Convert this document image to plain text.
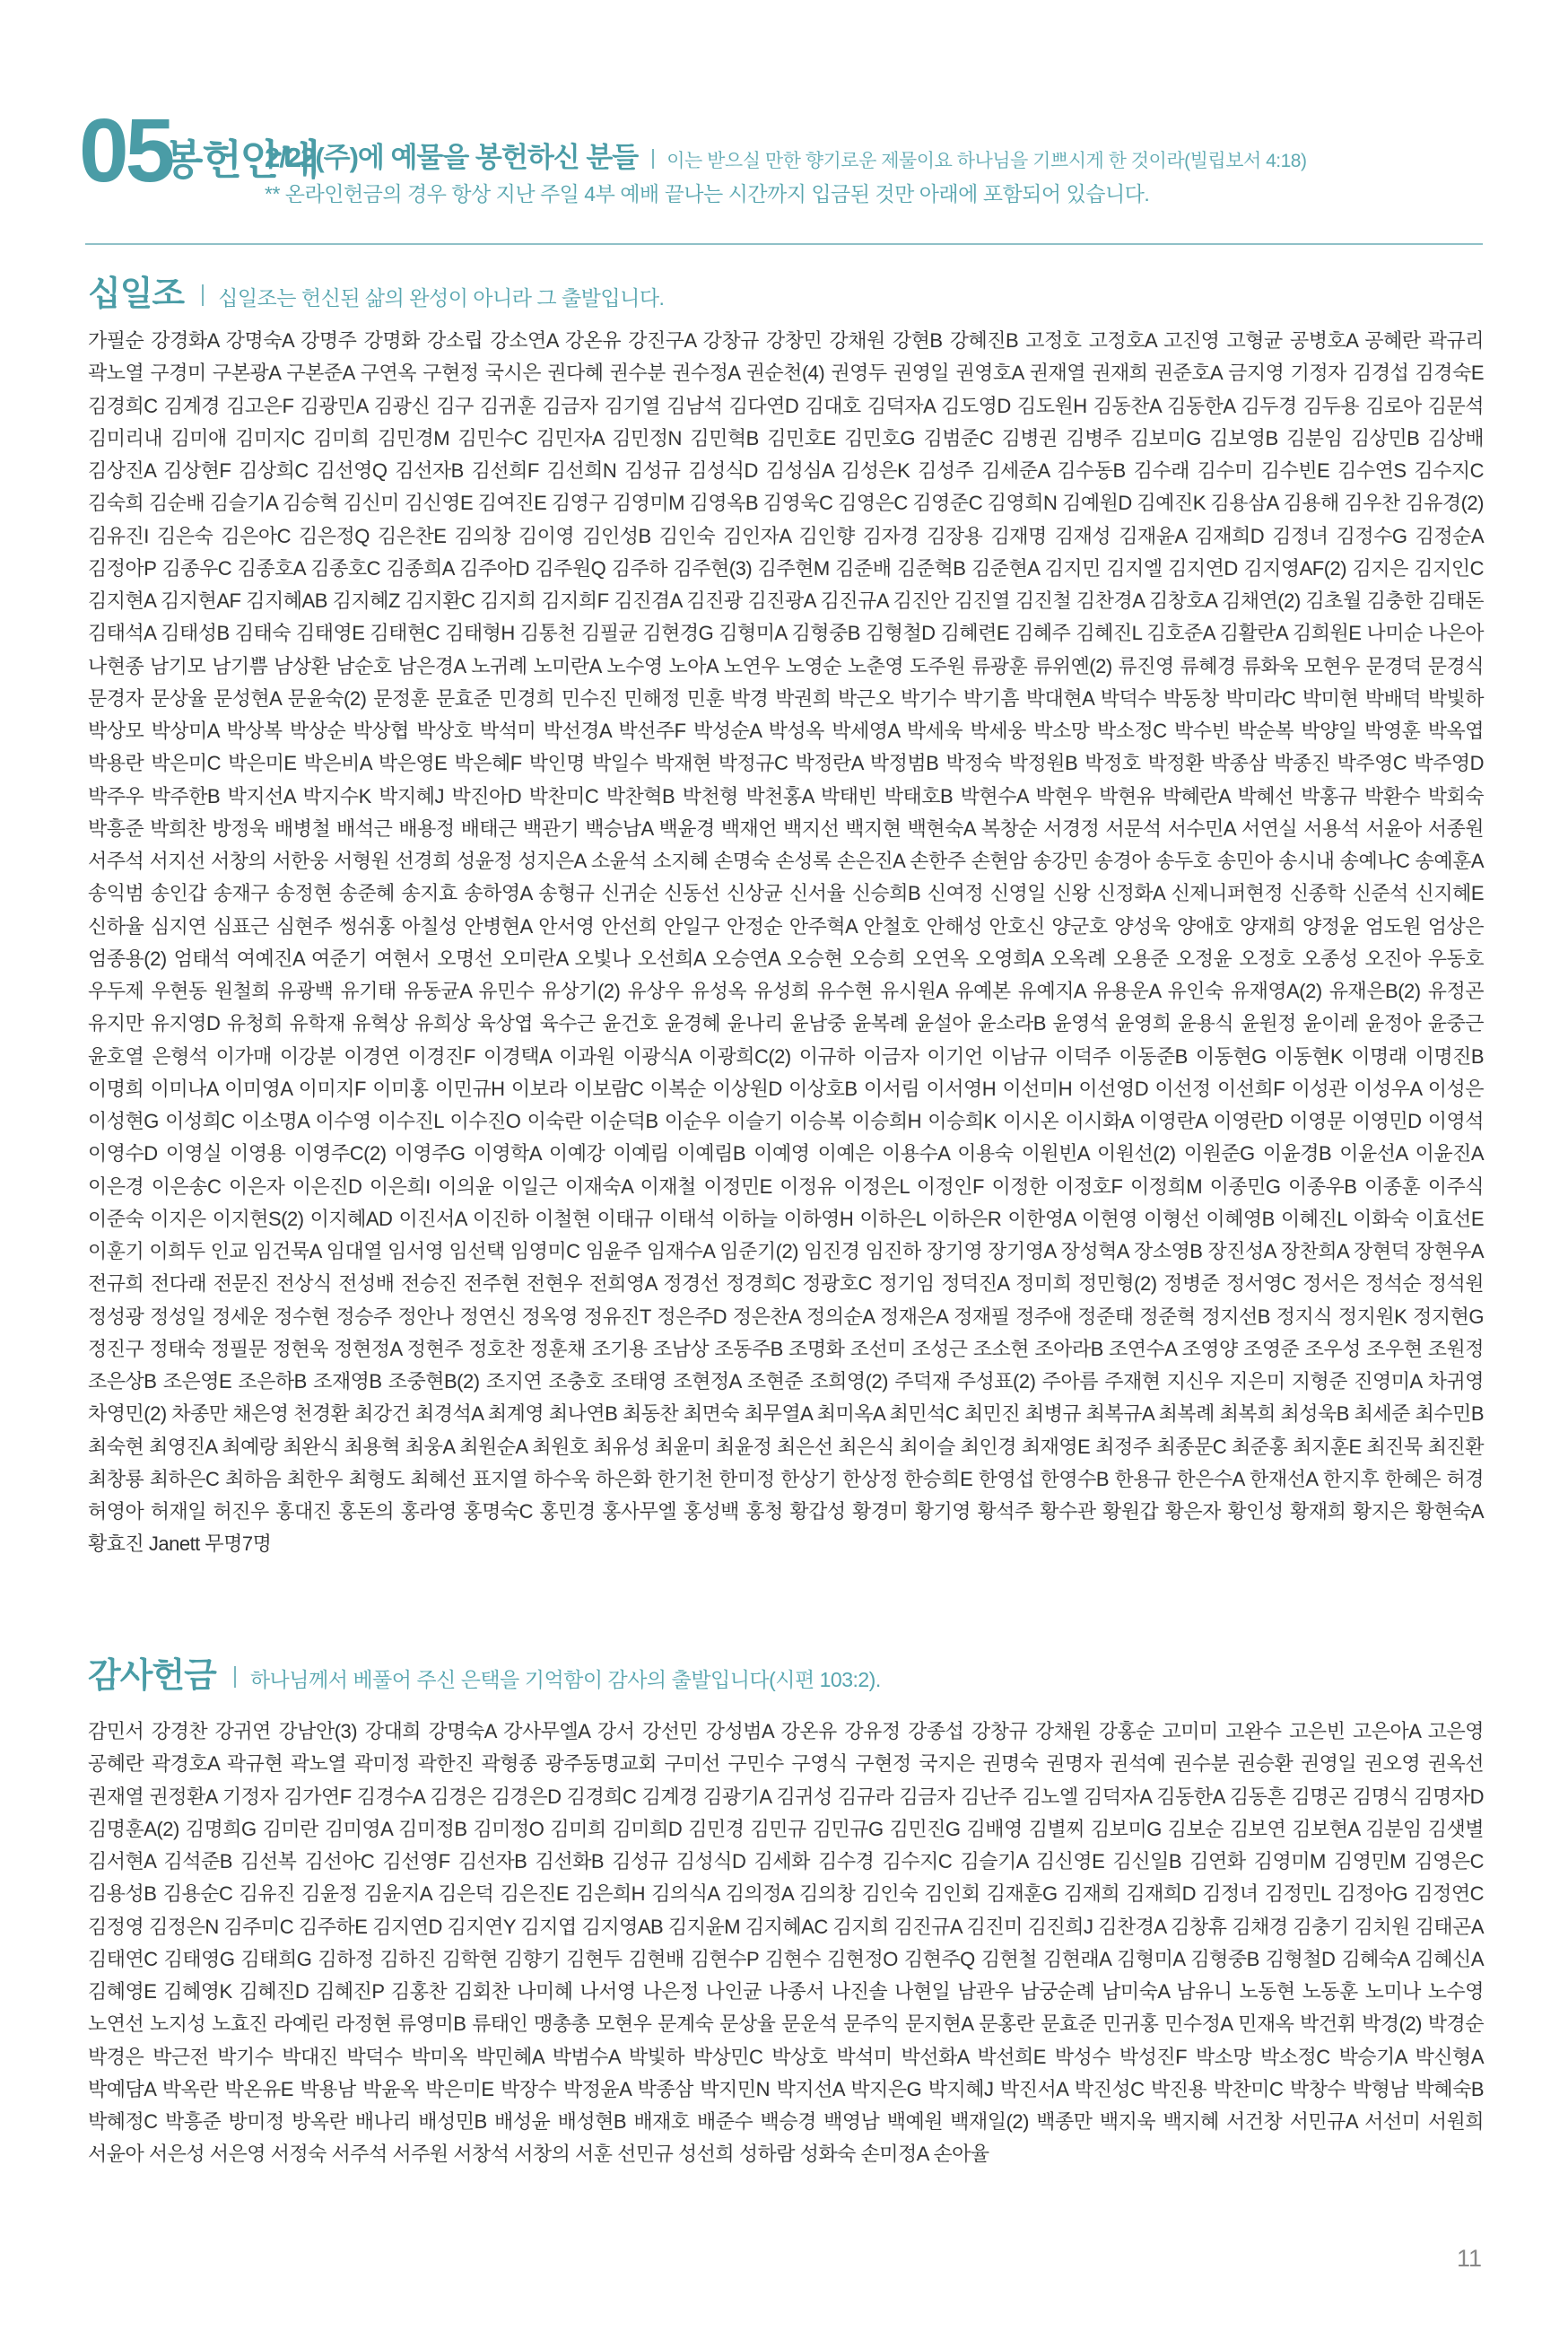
05
봉헌안내
2/22(주)에 예물을 봉헌하신 분들 이는 받으실 만한 향기로운 제물이요 하나님을 기쁘시게 한 것이라(빌립보서 4:18)
** 온라인헌금의 경우 항상 지난 주일 4부 예배 끝나는 시간까지 입금된 것만 아래에 포함되어 있습니다.
십일조 십일조는 헌신된 삶의 완성이 아니라 그 출발입니다.
가필순 강경화A 강명숙A 강명주 강명화 강소립 강소연A 강온유 강진구A 강창규 강창민 강채원 강현B 강혜진B 고정호 고정호A 고진영 고형균 공병호A 공혜란 곽규리 곽노열 구경미 구본광A 구본준A 구연옥 구현정 국시은 권다혜 권수분 권수정A 권순천(4) 권영두 권영일 권영호A 권재열 권재희 권준호A 금지영 기정자 김경섭 김경숙E 김경희C 김계경 김고은F 김광민A 김광신 김구 김귀훈 김금자 김기열 김남석 김다연D 김대호 김덕자A 김도영D 김도원H 김동찬A 김동한A 김두경 김두용 김로아 김문석 김미리내 김미애 김미지C 김미희 김민경M 김민수C 김민자A 김민정N 김민혁B 김민호E 김민호G 김범준C 김병권 김병주 김보미G 김보영B 김분임 김상민B 김상배 김상진A 김상현F 김상희C 김선영Q 김선자B 김선희F 김선희N 김성규 김성식D 김성심A 김성은K 김성주 김세준A 김수동B 김수래 김수미 김수빈E 김수연S 김수지C 김숙희 김순배 김슬기A 김승혁 김신미 김신영E 김여진E 김영구 김영미M 김영옥B 김영욱C 김영은C 김영준C 김영희N 김예원D 김예진K 김용삼A 김용해 김우찬 김유경(2) 김유진I 김은숙 김은아C 김은정Q 김은찬E 김의창 김이영 김인성B 김인숙 김인자A 김인향 김자경 김장용 김재명 김재성 김재윤A 김재희D 김정녀 김정수G 김정순A 김정아P 김종우C 김종호A 김종호C 김종희A 김주아D 김주원Q 김주하 김주현(3) 김주현M 김준배 김준혁B 김준현A 김지민 김지엘 김지연D 김지영AF(2) 김지은 김지인C 김지현A 김지현AF 김지혜AB 김지혜Z 김지환C 김지희 김지희F 김진겸A 김진광 김진광A 김진규A 김진안 김진열 김진철 김찬경A 김창호A 김채연(2) 김초월 김충한 김태돈 김태석A 김태성B 김태숙 김태영E 김태현C 김태형H 김통천 김필균 김현경G 김형미A 김형중B 김형철D 김혜련E 김혜주 김혜진L 김호준A 김활란A 김희원E 나미순 나은아 나현종 남기모 남기쁨 남상환 남순호 남은경A 노귀례 노미란A 노수영 노아A 노연우 노영순 노춘영 도주원 류광훈 류위옌(2) 류진영 류혜경 류화욱 모현우 문경덕 문경식 문경자 문상율 문성현A 문윤숙(2) 문정훈 문효준 민경희 민수진 민해정 민훈 박경 박권희 박근오 박기수 박기흠 박대현A 박덕수 박동창 박미라C 박미현 박배덕 박빛하 박상모 박상미A 박상복 박상순 박상협 박상호 박석미 박선경A 박선주F 박성순A 박성옥 박세영A 박세욱 박세웅 박소망 박소정C 박수빈 박순복 박양일 박영훈 박옥엽 박용란 박은미C 박은미E 박은비A 박은영E 박은혜F 박인명 박일수 박재현 박정규C 박정란A 박정범B 박정숙 박정원B 박정호 박정환 박종삼 박종진 박주영C 박주영D 박주우 박주한B 박지선A 박지수K 박지혜J 박진아D 박찬미C 박찬혁B 박천형 박천홍A 박태빈 박태호B 박현수A 박현우 박현유 박혜란A 박혜선 박홍규 박환수 박회숙 박흥준 박희찬 방정욱 배병철 배석근 배용정 배태근 백관기 백승남A 백윤경 백재언 백지선 백지현 백현숙A 복창순 서경정 서문석 서수민A 서연실 서용석 서윤아 서종원 서주석 서지선 서창의 서한웅 서형원 선경희 성윤정 성지은A 소윤석 소지혜 손명숙 손성록 손은진A 손한주 손현암 송강민 송경아 송두호 송민아 송시내 송예나C 송예훈A 송익범 송인갑 송재구 송정현 송준혜 송지효 송하영A 송형규 신귀순 신동선 신상균 신서율 신승희B 신여정 신영일 신왕 신정화A 신제니퍼현정 신종학 신준석 신지혜E 신하율 심지연 심표근 심현주 썽쉬홍 아칠성 안병현A 안서영 안선희 안일구 안정순 안주혁A 안철호 안해성 안호신 양군호 양성욱 양애호 양재희 양정윤 엄도원 엄상은 엄종용(2) 엄태석 여예진A 여준기 여현서 오명선 오미란A 오빛나 오선희A 오승연A 오승현 오승희 오연옥 오영희A 오옥례 오용준 오정윤 오정호 오종성 오진아 우동호 우두제 우현동 원철희 유광백 유기태 유동균A 유민수 유상기(2) 유상우 유성옥 유성희 유수현 유시원A 유예본 유예지A 유용운A 유인숙 유재영A(2) 유재은B(2) 유정곤 유지만 유지영D 유청희 유학재 유혁상 유희상 육상엽 육수근 윤건호 윤경혜 윤나리 윤남중 윤복례 윤설아 윤소라B 윤영석 윤영희 윤용식 윤원정 윤이레 윤정아 윤중근 윤호열 은형석 이가매 이강분 이경연 이경진F 이경택A 이과원 이광식A 이광희C(2) 이규하 이금자 이기언 이남규 이덕주 이동준B 이동현G 이동현K 이명래 이명진B 이명희 이미나A 이미영A 이미지F 이미홍 이민규H 이보라 이보람C 이복순 이상원D 이상호B 이서림 이서영H 이선미H 이선영D 이선정 이선희F 이성관 이성우A 이성은 이성현G 이성희C 이소명A 이수영 이수진L 이수진O 이숙란 이순덕B 이순우 이슬기 이승복 이승희H 이승희K 이시온 이시화A 이영란A 이영란D 이영문 이영민D 이영석 이영수D 이영실 이영용 이영주C(2) 이영주G 이영학A 이예강 이예림 이예림B 이예영 이예은 이용수A 이용숙 이원빈A 이원선(2) 이원준G 이윤경B 이윤선A 이윤진A 이은경 이은송C 이은자 이은진D 이은희I 이의윤 이일근 이재숙A 이재철 이정민E 이정유 이정은L 이정인F 이정한 이정호F 이정희M 이종민G 이종우B 이종훈 이주식 이준숙 이지은 이지현S(2) 이지혜AD 이진서A 이진하 이철현 이태규 이태석 이하늘 이하영H 이하은L 이하은R 이한영A 이현영 이형선 이혜영B 이혜진L 이화숙 이효선E 이훈기 이희두 인교 임건묵A 임대열 임서영 임선택 임영미C 임윤주 임재수A 임준기(2) 임진경 임진하 장기영 장기영A 장성혁A 장소영B 장진성A 장찬희A 장현덕 장현우A 전규희 전다래 전문진 전상식 전성배 전승진 전주현 전현우 전희영A 정경선 정경희C 정광호C 정기임 정덕진A 정미희 정민형(2) 정병준 정서영C 정서은 정석순 정석원 정성광 정성일 정세운 정수현 정승주 정안나 정연신 정옥영 정유진T 정은주D 정은찬A 정의순A 정재은A 정재필 정주애 정준태 정준혁 정지선B 정지식 정지원K 정지현G 정진구 정태숙 정필문 정현욱 정현정A 정현주 정호찬 정훈채 조기용 조남상 조동주B 조명화 조선미 조성근 조소현 조아라B 조연수A 조영양 조영준 조우성 조우현 조원정 조은상B 조은영E 조은하B 조재영B 조중현B(2) 조지연 조충호 조태영 조현정A 조현준 조희영(2) 주덕재 주성표(2) 주아름 주재현 지신우 지은미 지형준 진영미A 차귀영 차영민(2) 차종만 채은영 천경환 최강건 최경석A 최계영 최나연B 최동찬 최면숙 최무열A 최미옥A 최민석C 최민진 최병규 최복규A 최복례 최복희 최성욱B 최세준 최수민B 최숙현 최영진A 최예랑 최완식 최용혁 최웅A 최원순A 최원호 최유성 최윤미 최윤정 최은선 최은식 최이슬 최인경 최재영E 최정주 최종문C 최준홍 최지훈E 최진묵 최진환 최창룡 최하은C 최하음 최한우 최형도 최혜선 표지열 하수욱 하은화 한기천 한미정 한상기 한상정 한승희E 한영섭 한영수B 한용규 한은수A 한재선A 한지후 한혜은 허경 허영아 허재일 허진우 홍대진 홍돈의 홍라영 홍명숙C 홍민경 홍사무엘 홍성백 홍청 황갑성 황경미 황기영 황석주 황수관 황원갑 황은자 황인성 황재희 황지은 황현숙A 황효진 Janett 무명7명
감사헌금 하나님께서 베풀어 주신 은택을 기억함이 감사의 출발입니다(시편 103:2).
감민서 강경찬 강귀연 강남안(3) 강대희 강명숙A 강사무엘A 강서 강선민 강성범A 강온유 강유정 강종섭 강창규 강채원 강홍순 고미미 고완수 고은빈 고은아A 고은영 공혜란 곽경호A 곽규현 곽노열 곽미정 곽한진 곽형종 광주동명교회 구미선 구민수 구영식 구현정 국지은 권명숙 권명자 권석예 권수분 권승환 권영일 권오영 권옥선 권재열 권정환A 기정자 김가연F 김경수A 김경은 김경은D 김경희C 김계경 김광기A 김귀성 김규라 김금자 김난주 김노엘 김덕자A 김동한A 김동흔 김명곤 김명식 김명자D 김명훈A(2) 김명희G 김미란 김미영A 김미정B 김미정O 김미희 김미희D 김민경 김민규 김민규G 김민진G 김배영 김별찌 김보미G 김보순 김보연 김보현A 김분임 김샛별 김서현A 김석준B 김선복 김선아C 김선영F 김선자B 김선화B 김성규 김성식D 김세화 김수경 김수지C 김슬기A 김신영E 김신일B 김연화 김영미M 김영민M 김영은C 김용성B 김용순C 김유진 김윤정 김윤지A 김은덕 김은진E 김은희H 김의식A 김의정A 김의창 김인숙 김인회 김재훈G 김재희 김재희D 김정녀 김정민L 김정아G 김정연C 김정영 김정은N 김주미C 김주하E 김지연D 김지연Y 김지엽 김지영AB 김지윤M 김지혜AC 김지희 김진규A 김진미 김진희J 김찬경A 김창휴 김채경 김충기 김치원 김태곤A 김태연C 김태영G 김태희G 김하정 김하진 김학현 김향기 김현두 김현배 김현수P 김현수 김현정O 김현주Q 김현철 김현래A 김형미A 김형중B 김형철D 김혜숙A 김혜신A 김혜영E 김혜영K 김혜진D 김혜진P 김홍찬 김회찬 나미혜 나서영 나은정 나인균 나종서 나진솔 나현일 남관우 남궁순례 남미숙A 남유니 노동현 노동훈 노미나 노수영 노연선 노지성 노효진 라예린 라정현 류영미B 류태인 맹총총 모현우 문계숙 문상율 문운석 문주익 문지현A 문홍란 문효준 민귀홍 민수정A 민재옥 박건휘 박경(2) 박경순 박경은 박근전 박기수 박대진 박덕수 박미옥 박민혜A 박범수A 박빛하 박상민C 박상호 박석미 박선화A 박선희E 박성수 박성진F 박소망 박소정C 박승기A 박신형A 박예담A 박옥란 박온유E 박용남 박윤옥 박은미E 박장수 박정윤A 박종삼 박지민N 박지선A 박지은G 박지혜J 박진서A 박진성C 박진용 박찬미C 박창수 박형남 박혜숙B 박혜정C 박흥준 방미정 방옥란 배나리 배성민B 배성윤 배성현B 배재호 배준수 백승경 백영남 백예원 백재일(2) 백종만 백지욱 백지혜 서건창 서민규A 서선미 서원희 서윤아 서은성 서은영 서정숙 서주석 서주원 서창석 서창의 서훈 선민규 성선희 성하람 성화숙 손미정A 손아율
11
